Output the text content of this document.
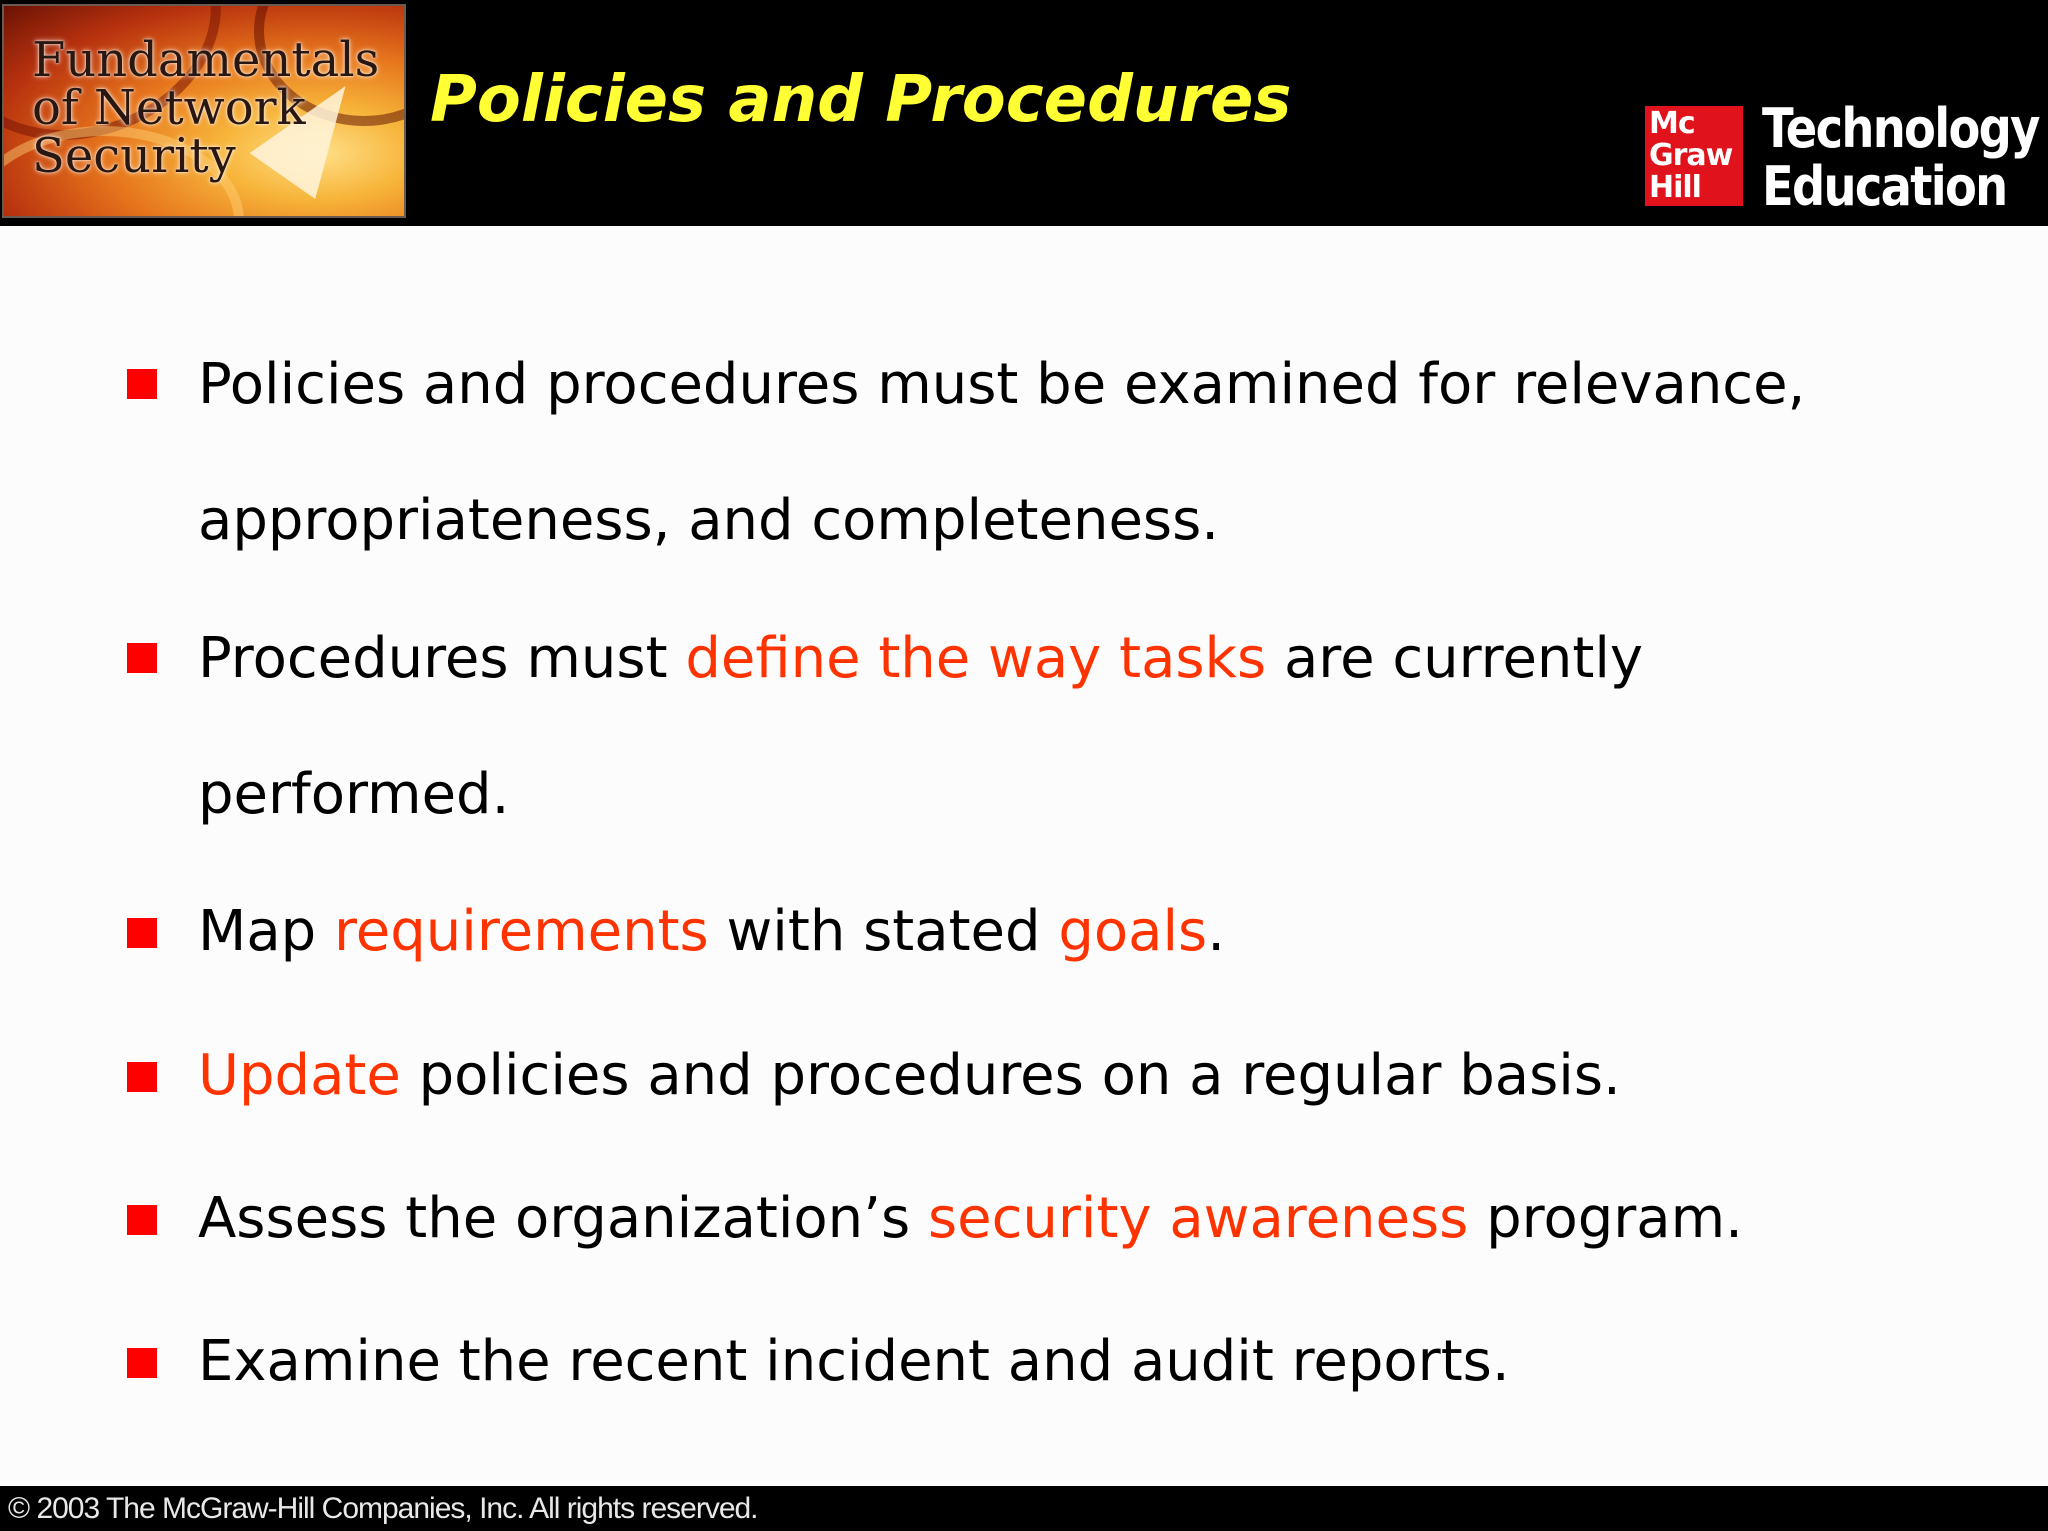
Fundamentals
of Network
Security
Policies and Procedures	Mc
Graw
Hill
Technology
Education
Policies and procedures must be examined for relevance, appropriateness, and completeness.
Procedures must define the way tasks are currently performed.
Map requirements with stated goals.
Update policies and procedures on a regular basis.
Assess the organization’s security awareness program.
Examine the recent incident and audit reports.
© 2003 The McGraw-Hill Companies, Inc. All rights reserved.
